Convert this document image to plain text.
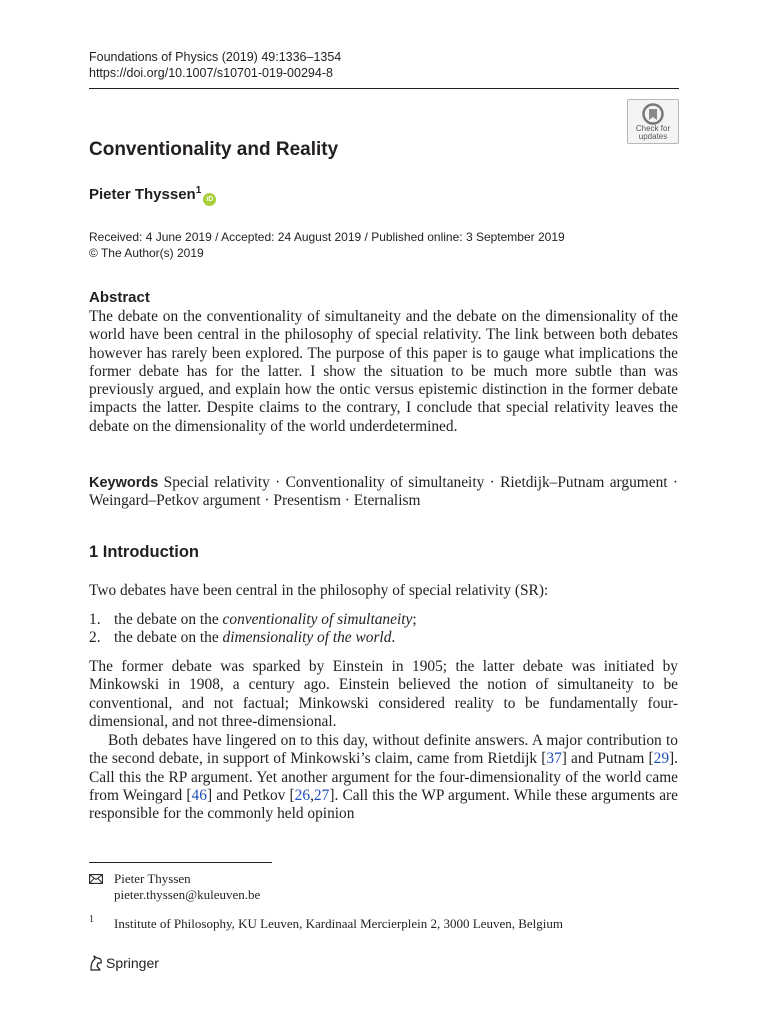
Foundations of Physics (2019) 49:1336–1354
https://doi.org/10.1007/s10701-019-00294-8
Check for
updates
Conventionality and Reality
Pieter Thyssen$^1$iD
Received: 4 June 2019 / Accepted: 24 August 2019 / Published online: 3 September 2019
© The Author(s) 2019
Abstract
The debate on the conventionality of simultaneity and the debate on the dimensionality of the world have been central in the philosophy of special relativity. The link between both debates however has rarely been explored. The purpose of this paper is to gauge what implications the former debate has for the latter. I show the situation to be much more subtle than was previously argued, and explain how the ontic versus epistemic distinction in the former debate impacts the latter. Despite claims to the contrary, I conclude that special relativity leaves the debate on the dimensionality of the world underdetermined.
Keywords Special relativity · Conventionality of simultaneity · Rietdijk–Putnam argument · Weingard–Petkov argument · Presentism · Eternalism
1 Introduction
Two debates have been central in the philosophy of special relativity (SR):
1. the debate on the conventionality of simultaneity;
2. the debate on the dimensionality of the world.
The former debate was sparked by Einstein in 1905; the latter debate was initiated by Minkowski in 1908, a century ago. Einstein believed the notion of simultaneity to be conventional, and not factual; Minkowski considered reality to be fundamentally four-dimensional, and not three-dimensional.
Both debates have lingered on to this day, without definite answers. A major contribution to the second debate, in support of Minkowski’s claim, came from Rietdijk [37] and Putnam [29]. Call this the RP argument. Yet another argument for the four-dimensionality of the world came from Weingard [46] and Petkov [26,27]. Call this the WP argument. While these arguments are responsible for the commonly held opinion
Pieter Thyssen
pieter.thyssen@kuleuven.be
1 Institute of Philosophy, KU Leuven, Kardinaal Mercierplein 2, 3000 Leuven, Belgium
Springer
